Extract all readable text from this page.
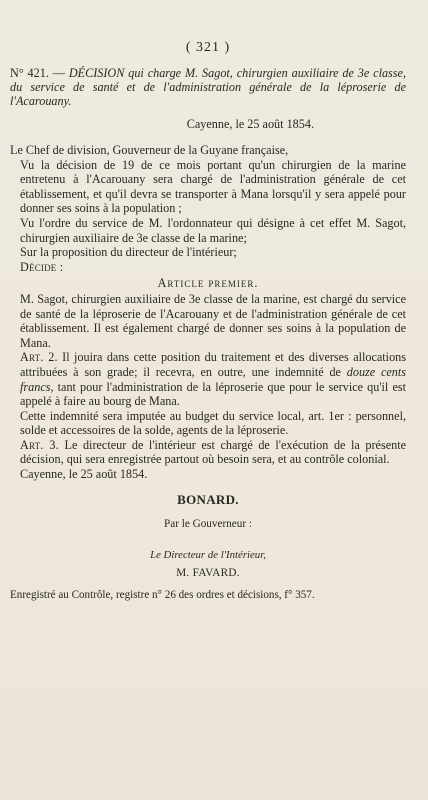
( 321 )
N° 421. — DÉCISION qui charge M. Sagot, chirurgien auxiliaire de 3e classe, du service de santé et de l'administration générale de la léproserie de l'Acarouany.
Cayenne, le 25 août 1854.

Le Chef de division, Gouverneur de la Guyane française,

Vu la décision de 19 de ce mois portant qu'un chirurgien de la marine entretenu à l'Acarouany sera chargé de l'administration générale de cet établissement, et qu'il devra se transporter à Mana lorsqu'il y sera appelé pour donner ses soins à la population ;

Vu l'ordre du service de M. l'ordonnateur qui désigne à cet effet M. Sagot, chirurgien auxiliaire de 3e classe de la marine;

Sur la proposition du directeur de l'intérieur;

Décide :

Article premier.

M. Sagot, chirurgien auxiliaire de 3e classe de la marine, est chargé du service de santé de la léproserie de l'Acarouany et de l'administration générale de cet établissement. Il est également chargé de donner ses soins à la population de Mana.

Art. 2. Il jouira dans cette position du traitement et des diverses allocations attribuées à son grade; il recevra, en outre, une indemnité de douze cents francs, tant pour l'administration de la léproserie que pour le service qu'il est appelé à faire au bourg de Mana.

Cette indemnité sera imputée au budget du service local, art. 1er : personnel, solde et accessoires de la solde, agents de la léproserie.

Art. 3. Le directeur de l'intérieur est chargé de l'exécution de la présente décision, qui sera enregistrée partout où besoin sera, et au contrôle colonial.

Cayenne, le 25 août 1854.

BONARD.
Par le Gouverneur :
Le Directeur de l'Intérieur,
M. FAVARD.
Enregistré au Contrôle, registre n° 26 des ordres et décisions, f° 357.
